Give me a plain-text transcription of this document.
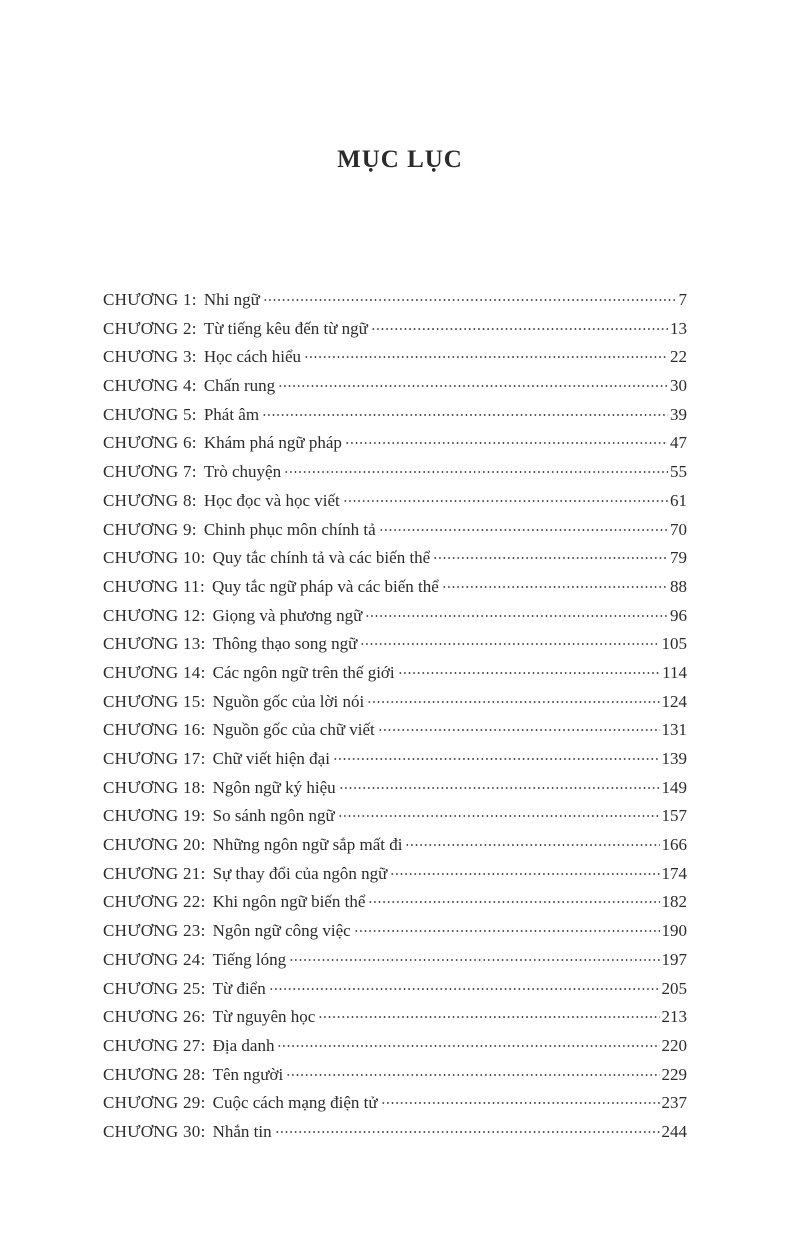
MỤC LỤC
CHƯƠNG 1: Nhi ngữ	7
CHƯƠNG 2: Từ tiếng kêu đến từ ngữ	13
CHƯƠNG 3: Học cách hiểu	22
CHƯƠNG 4: Chấn rung	30
CHƯƠNG 5: Phát âm	39
CHƯƠNG 6: Khám phá ngữ pháp	47
CHƯƠNG 7: Trò chuyện	55
CHƯƠNG 8: Học đọc và học viết	61
CHƯƠNG 9: Chinh phục môn chính tả	70
CHƯƠNG 10: Quy tắc chính tả và các biến thể	79
CHƯƠNG 11: Quy tắc ngữ pháp và các biến thể	88
CHƯƠNG 12: Giọng và phương ngữ	96
CHƯƠNG 13: Thông thạo song ngữ	105
CHƯƠNG 14: Các ngôn ngữ trên thế giới	114
CHƯƠNG 15: Nguồn gốc của lời nói	124
CHƯƠNG 16: Nguồn gốc của chữ viết	131
CHƯƠNG 17: Chữ viết hiện đại	139
CHƯƠNG 18: Ngôn ngữ ký hiệu	149
CHƯƠNG 19: So sánh ngôn ngữ	157
CHƯƠNG 20: Những ngôn ngữ sắp mất đi	166
CHƯƠNG 21: Sự thay đổi của ngôn ngữ	174
CHƯƠNG 22: Khi ngôn ngữ biến thể	182
CHƯƠNG 23: Ngôn ngữ công việc	190
CHƯƠNG 24: Tiếng lóng	197
CHƯƠNG 25: Từ điển	205
CHƯƠNG 26: Từ nguyên học	213
CHƯƠNG 27: Địa danh	220
CHƯƠNG 28: Tên người	229
CHƯƠNG 29: Cuộc cách mạng điện tử	237
CHƯƠNG 30: Nhắn tin	244
